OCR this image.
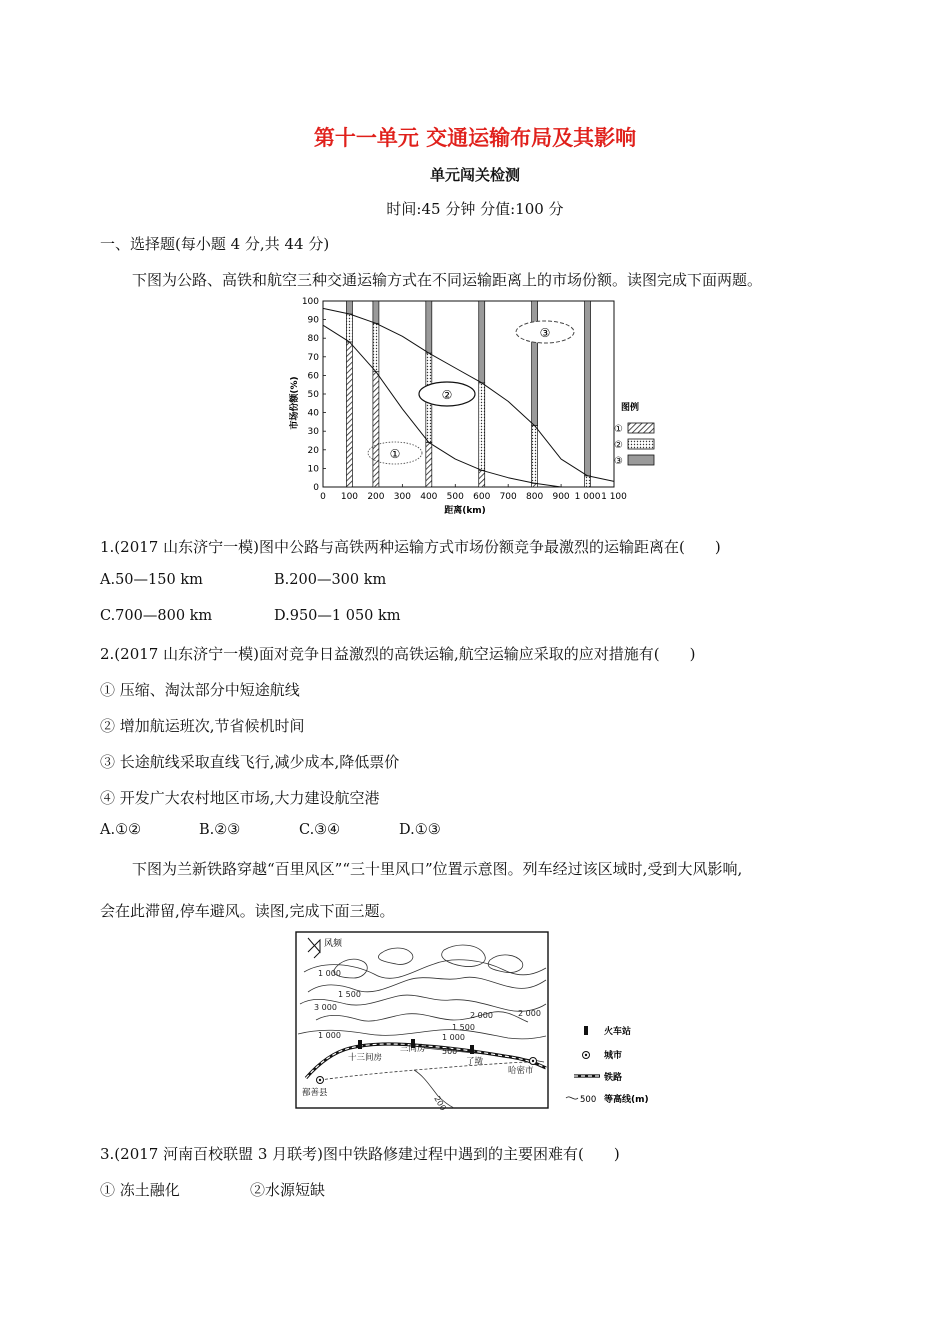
第十一单元 交通运输布局及其影响
单元闯关检测
时间:45 分钟 分值:100 分
一、选择题(每小题 4 分,共 44 分)
下图为公路、高铁和航空三种交通运输方式在不同运输距离上的市场份额。读图完成下面两题。
市场份额(%)
0
10
20
30
40
50
60
70
80
90
100
0 100 200 300 400 500 600 700 800 900 1 000 1 100
①
②
③
距离(km)
图例
①
②
③
1.(2017 山东济宁一模)图中公路与高铁两种运输方式市场份额竞争最激烈的运输距离在(　　)
A.50—150 km	B.200—300 km
C.700—800 km	D.950—1 050 km
2.(2017 山东济宁一模)面对竞争日益激烈的高铁运输,航空运输应采取的应对措施有(　　)
① 压缩、淘汰部分中短途航线
② 增加航运班次,节省候机时间
③ 长途航线采取直线飞行,减少成本,降低票价
④ 开发广大农村地区市场,大力建设航空港
A.①②	B.②③	C.③④	D.①③
下图为兰新铁路穿越“百里风区”“三十里风口”位置示意图。列车经过该区域时,受到大风影响,
会在此滞留,停车避风。读图,完成下面三题。
风频
1 000
1 500
3 000
2 000	2 000
1 500
1 000
500
200
1 000
十三间房
三间房
了墩
哈密市
鄯善县
火车站
城市
铁路
500 等高线(m)
3.(2017 河南百校联盟 3 月联考)图中铁路修建过程中遇到的主要困难有(　　)
① 冻土融化	②水源短缺
